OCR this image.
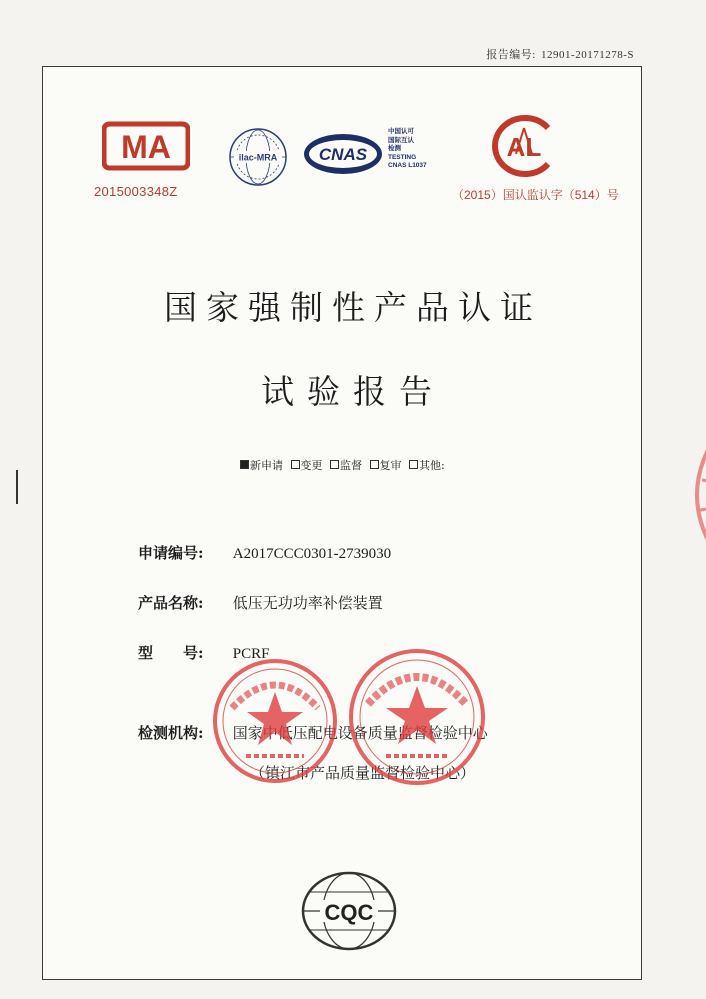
报告编号: 12901-20171278-S
MA
2015003348Z
ilac-MRA CNAS
中国认可
国际互认
检测
TESTING
CNAS L1037
AL
（2015）国认监认字（514）号
国家强制性产品认证
试验报告
新申请 变更 监督 复审 其他:
申请编号: A2017CCC0301-2739030
产品名称: 低压无功功率补偿装置
型　　号: PCRF
检测机构: 国家中低压配电设备质量监督检验中心
（镇江市产品质量监督检验中心）
CQC
